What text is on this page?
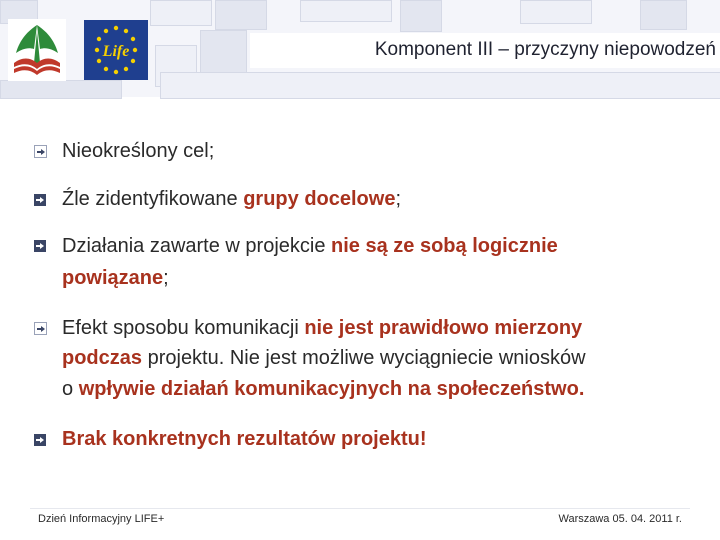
Life	Komponent III – przyczyny niepowodzeń
Nieokreślony cel;
Źle zidentyfikowane grupy docelowe;
Działania zawarte w projekcie nie są ze sobą logicznie
powiązane;
Efekt sposobu komunikacji nie jest prawidłowo mierzony
podczas projektu. Nie jest możliwe wyciągniecie wniosków
o wpływie działań komunikacyjnych na społeczeństwo.
Brak konkretnych rezultatów projektu!
Dzień Informacyjny LIFE+	Warszawa 05. 04. 2011 r.
